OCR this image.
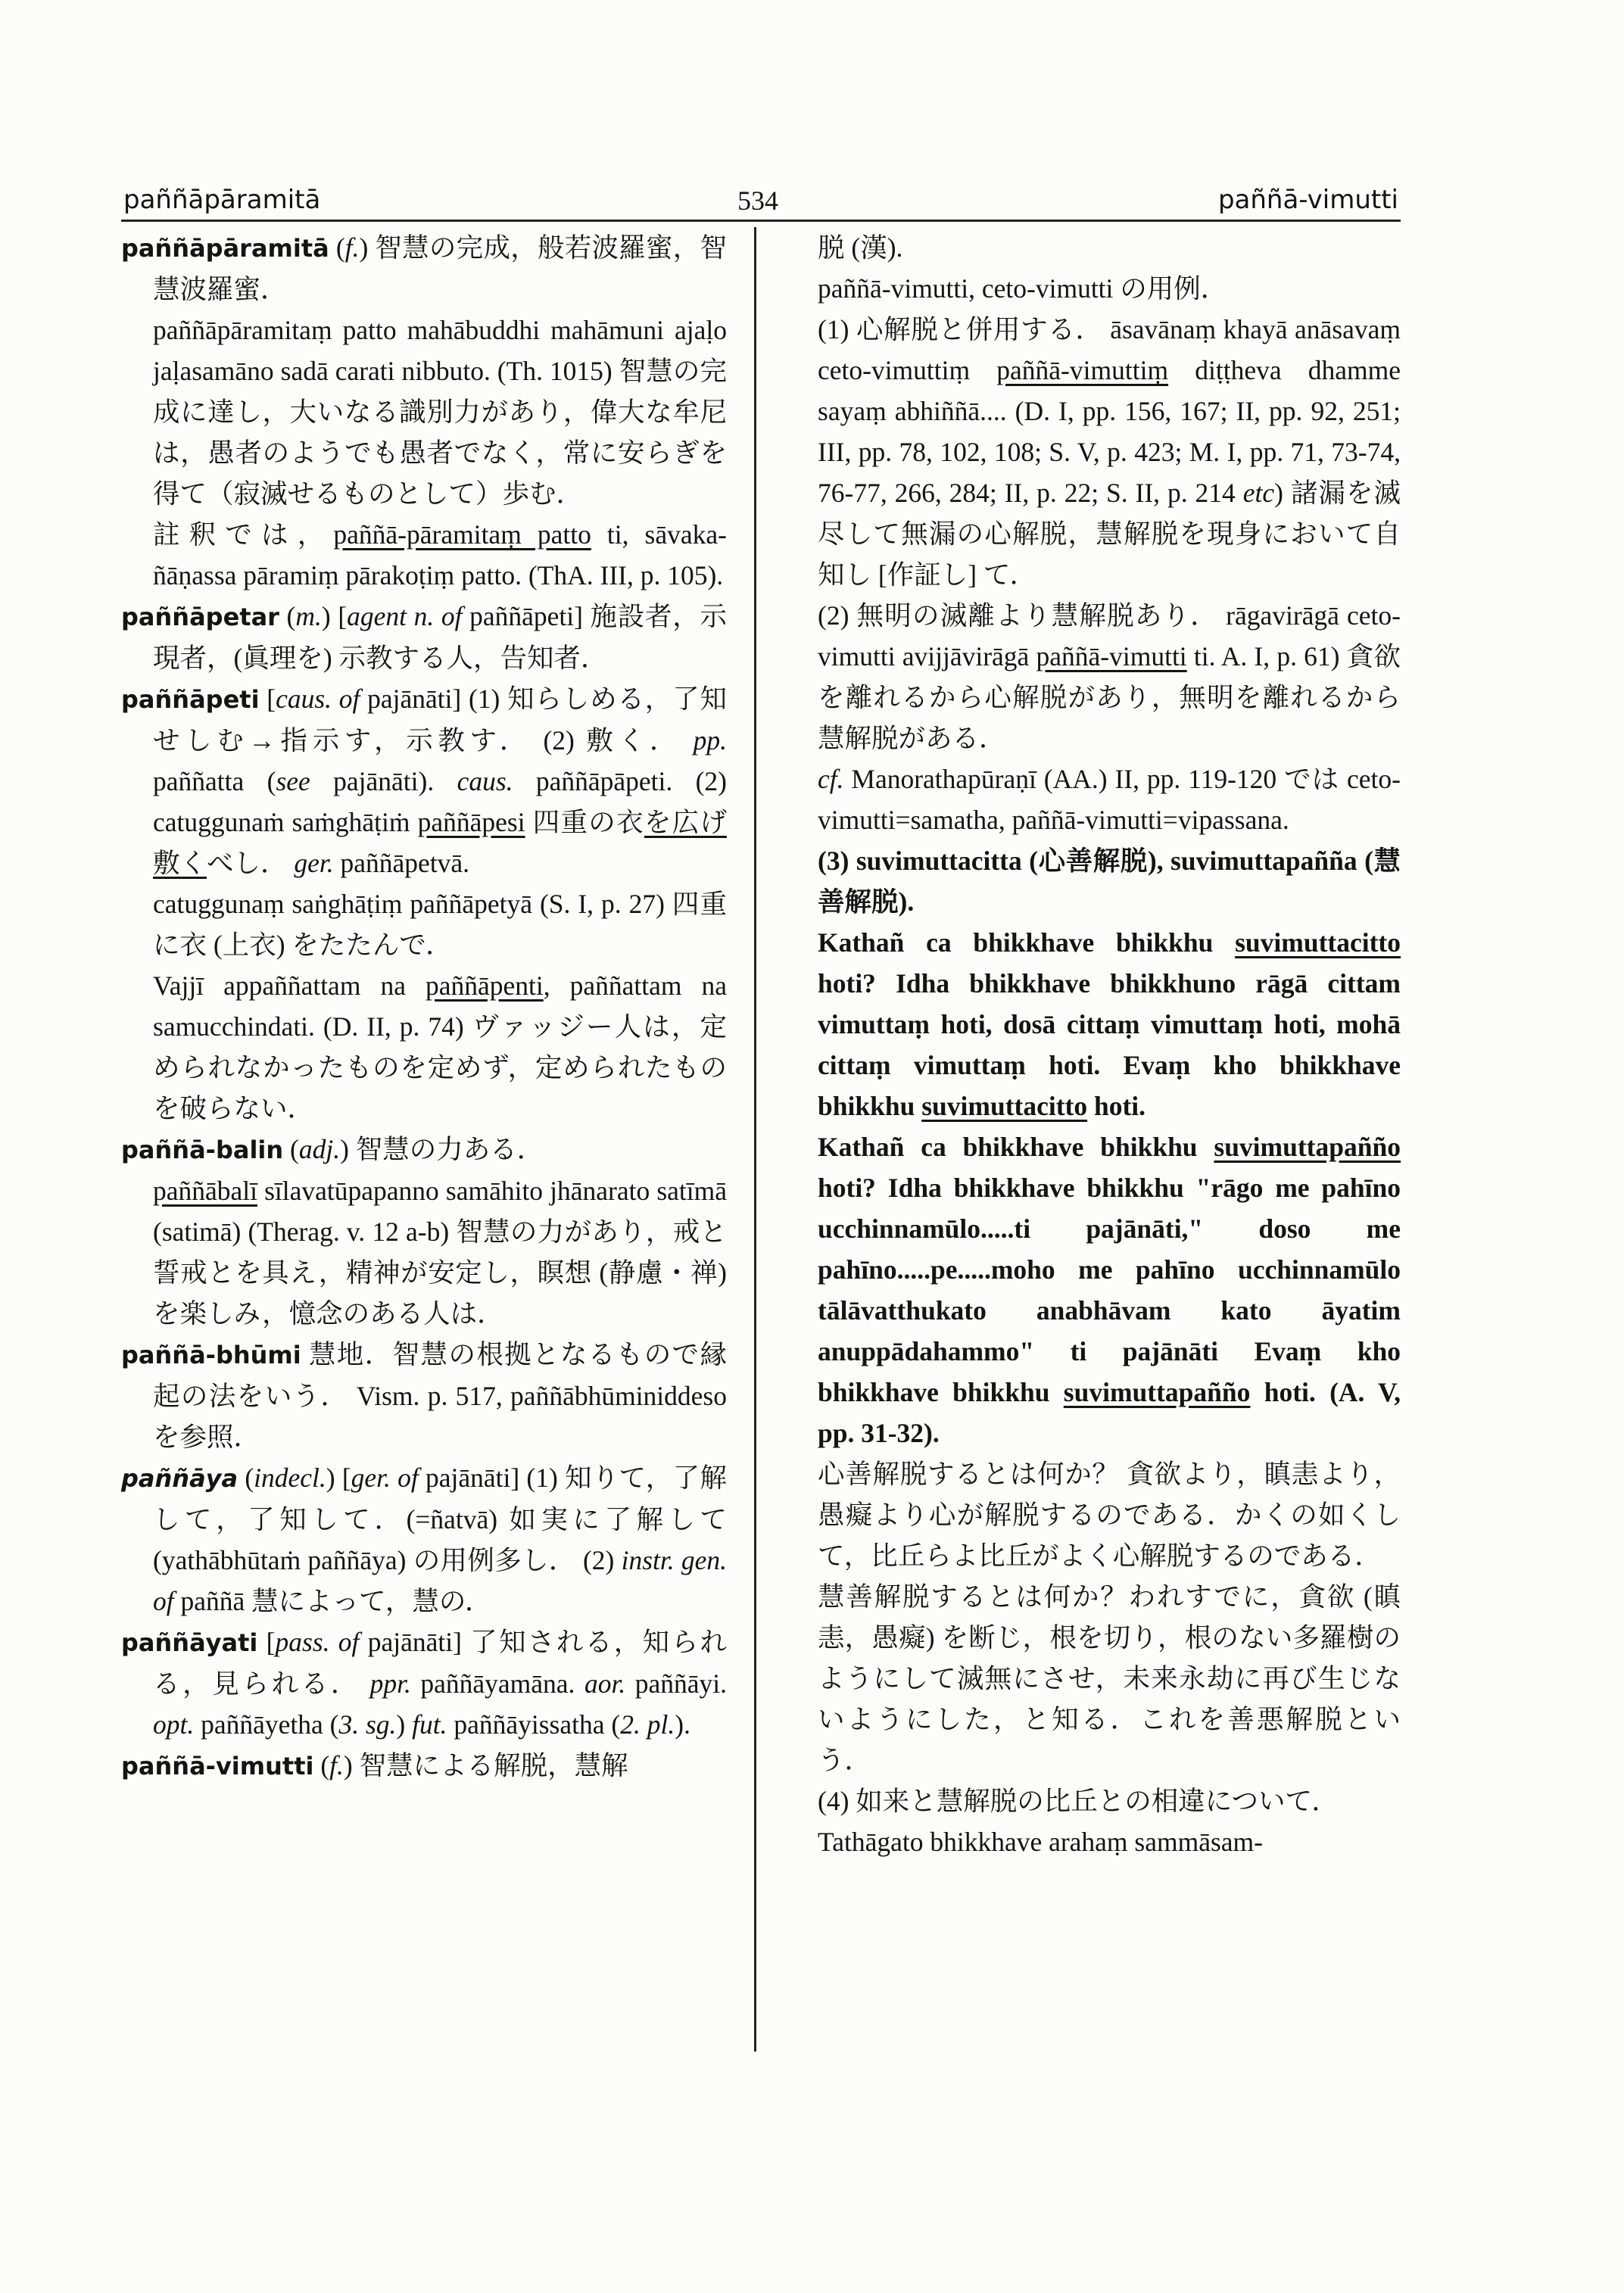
paññāpāramitā	534	paññā-vimutti

paññāpāramitā (f.) 智慧の完成，般若波羅蜜，智慧波羅蜜．

paññāpāramitaṃ patto mahābuddhi mahāmuni ajaḷo jaḷasamāno sadā carati nibbuto. (Th. 1015) 智慧の完成に達し，大いなる識別力があり，偉大な牟尼は，愚者のようでも愚者でなく，常に安らぎを得て（寂滅せるものとして）歩む．

註釈では，paññā-pāramitaṃ patto ti, sāvaka-ñāṇassa pāramiṃ pārakoṭiṃ patto. (ThA. III, p. 105).

paññāpetar (m.) [agent n. of paññāpeti] 施設者，示現者，(眞理を) 示教する人，告知者．

paññāpeti [caus. of pajānāti] (1) 知らしめる，了知せしむ→指示す，示教す． (2) 敷く． pp. paññatta (see pajānāti). caus. paññāpāpeti. (2) catuggunaṁ saṁghāṭiṁ paññāpesi 四重の衣を広げ敷くべし． ger. paññāpetvā.

catuggunaṃ saṅghāṭiṃ paññāpetyā (S. I, p. 27) 四重に衣 (上衣) をたたんで．

Vajjī appaññattam na paññāpenti, paññattam na samucchindati. (D. II, p. 74) ヴァッジー人は，定められなかったものを定めず，定められたものを破らない．

paññā-balin (adj.) 智慧の力ある．

paññābalī sīlavatūpapanno samāhito jhānarato satīmā (satimā) (Therag. v. 12 a-b) 智慧の力があり，戒と誓戒とを具え，精神が安定し，瞑想 (静慮・禅) を楽しみ，憶念のある人は．

paññā-bhūmi 慧地．智慧の根拠となるもので縁起の法をいう． Vism. p. 517, paññābhūminiddeso を参照．

paññāya (indecl.) [ger. of pajānāti] (1) 知りて，了解して，了知して．(=ñatvā) 如実に了解して (yathābhūtaṁ paññāya) の用例多し． (2) instr. gen. of paññā 慧によって，慧の．

paññāyati [pass. of pajānāti] 了知される，知られる，見られる． ppr. paññāyamāna. aor. paññāyi. opt. paññāyetha (3. sg.) fut. paññāyissatha (2. pl.).

paññā-vimutti (f.) 智慧による解脱，慧解

脱 (漢).

paññā-vimutti, ceto-vimutti の用例．

(1) 心解脱と併用する． āsavānaṃ khayā anāsavaṃ ceto-vimuttiṃ paññā-vimuttiṃ diṭṭheva dhamme sayaṃ abhiññā.... (D. I, pp. 156, 167; II, pp. 92, 251; III, pp. 78, 102, 108; S. V, p. 423; M. I, pp. 71, 73-74, 76-77, 266, 284; II, p. 22; S. II, p. 214 etc) 諸漏を滅尽して無漏の心解脱，慧解脱を現身において自知し [作証し] て．

(2) 無明の滅離より慧解脱あり． rāgavirāgā ceto-vimutti avijjāvirāgā paññā-vimutti ti. A. I, p. 61) 貪欲を離れるから心解脱があり，無明を離れるから慧解脱がある．

cf. Manorathapūraṇī (AA.) II, pp. 119-120 では ceto-vimutti=samatha, paññā-vimutti=vipassana.

(3) suvimuttacitta (心善解脱), suvimuttapañña (慧善解脱).

Kathañ ca bhikkhave bhikkhu suvimuttacitto hoti? Idha bhikkhave bhikkhuno rāgā cittam vimuttaṃ hoti, dosā cittaṃ vimuttaṃ hoti, mohā cittaṃ vimuttaṃ hoti. Evaṃ kho bhikkhave bhikkhu suvimuttacitto hoti.

Kathañ ca bhikkhave bhikkhu suvimuttapañño hoti? Idha bhikkhave bhikkhu "rāgo me pahīno ucchinnamūlo.....ti pajānāti," doso me pahīno.....pe.....moho me pahīno ucchinnamūlo tālāvatthukato anabhāvam kato āyatim anuppādahammo" ti pajānāti Evaṃ kho bhikkhave bhikkhu suvimuttapañño hoti. (A. V, pp. 31-32).

心善解脱するとは何か？ 貪欲より，瞋恚より，愚癡より心が解脱するのである．かくの如くして，比丘らよ比丘がよく心解脱するのである．

慧善解脱するとは何か？われすでに，貪欲 (瞋恚，愚癡) を断じ，根を切り，根のない多羅樹のようにして滅無にさせ，未来永劫に再び生じないようにした，と知る．これを善悪解脱という．

(4) 如来と慧解脱の比丘との相違について．

Tathāgato bhikkhave arahaṃ sammāsam-
